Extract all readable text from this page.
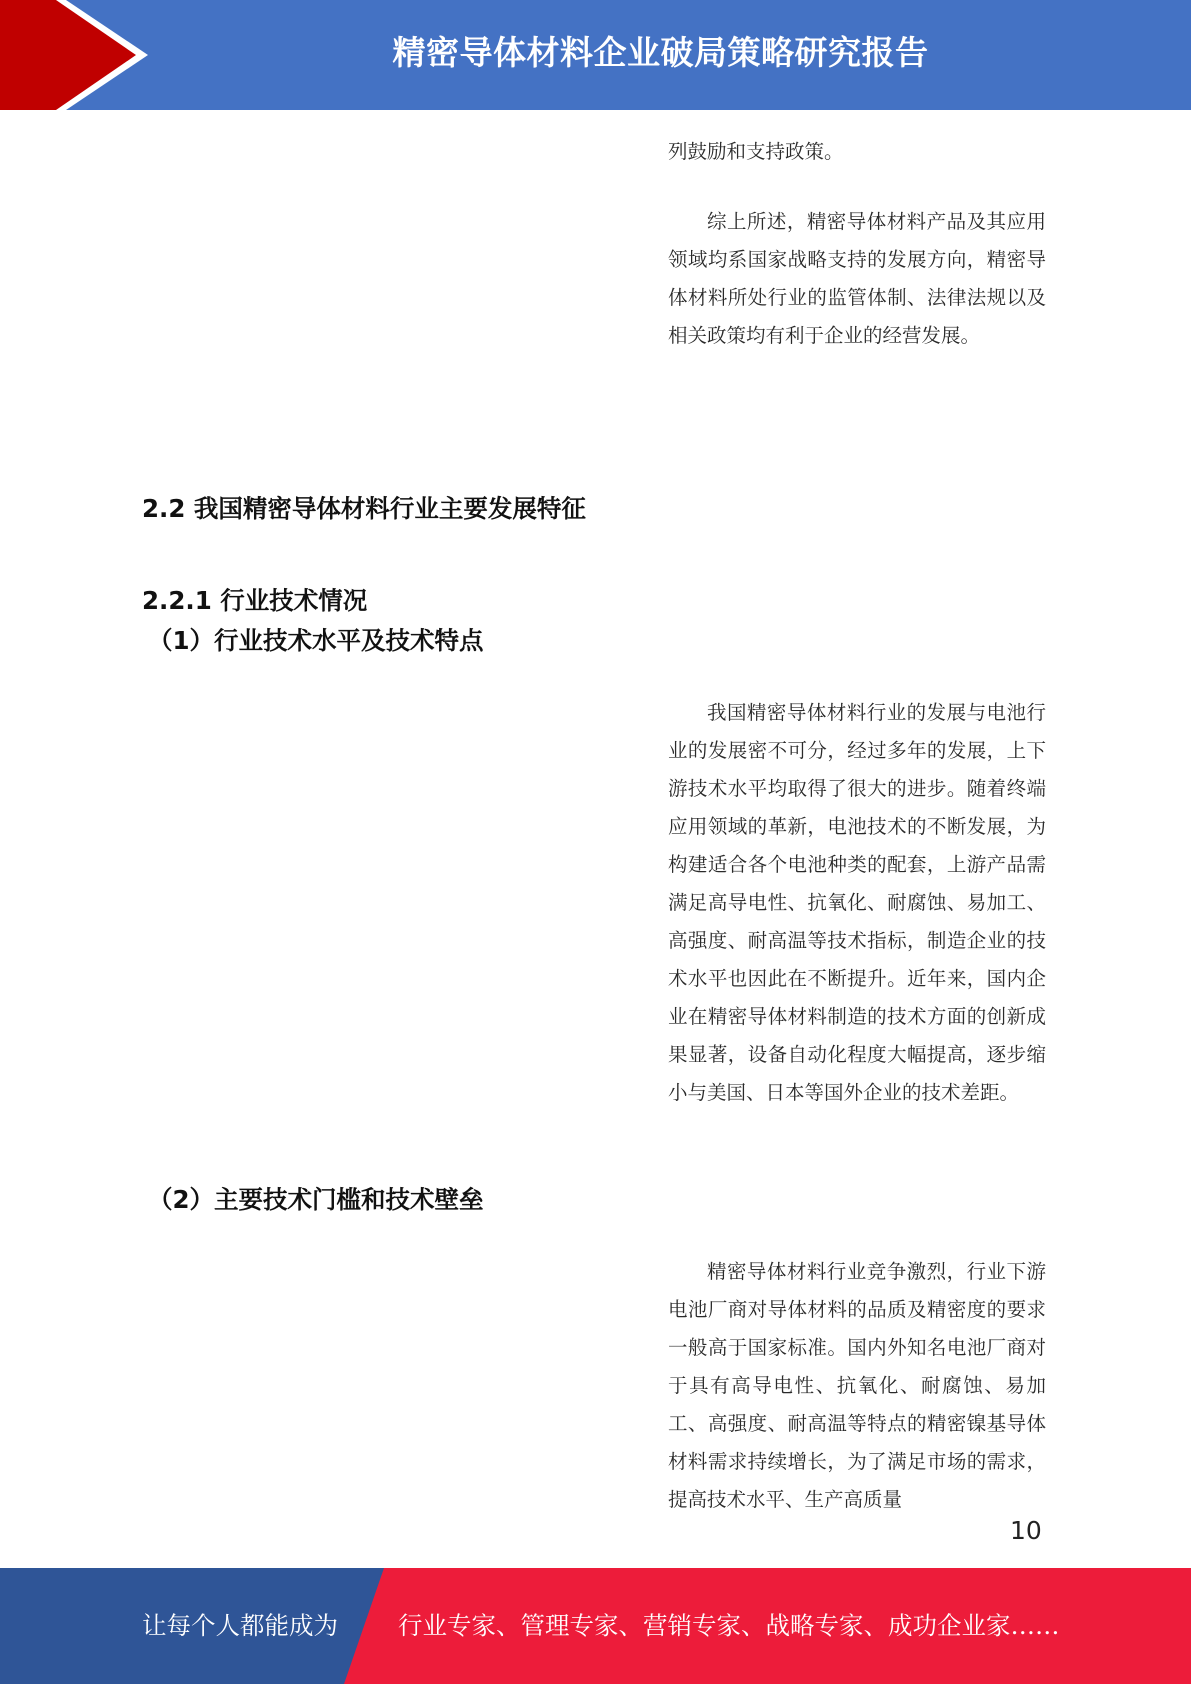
精密导体材料企业破局策略研究报告

列鼓励和支持政策。

综上所述，精密导体材料产品及其应用领域均系国家战略支持的发展方向，精密导体材料所处行业的监管体制、法律法规以及相关政策均有利于企业的经营发展。

2.2 我国精密导体材料行业主要发展特征
2.2.1 行业技术情况
（1）行业技术水平及技术特点

我国精密导体材料行业的发展与电池行业的发展密不可分，经过多年的发展，上下游技术水平均取得了很大的进步。随着终端应用领域的革新，电池技术的不断发展，为构建适合各个电池种类的配套，上游产品需满足高导电性、抗氧化、耐腐蚀、易加工、高强度、耐高温等技术指标，制造企业的技术水平也因此在不断提升。近年来，国内企业在精密导体材料制造的技术方面的创新成果显著，设备自动化程度大幅提高，逐步缩小与美国、日本等国外企业的技术差距。

（2）主要技术门槛和技术壁垒

精密导体材料行业竞争激烈，行业下游电池厂商对导体材料的品质及精密度的要求一般高于国家标准。国内外知名电池厂商对于具有高导电性、抗氧化、耐腐蚀、易加工、高强度、耐高温等特点的精密镍基导体材料需求持续增长，为了满足市场的需求，提高技术水平、生产高质量

10
让每个人都能成为 行业专家、管理专家、营销专家、战略专家、成功企业家……
